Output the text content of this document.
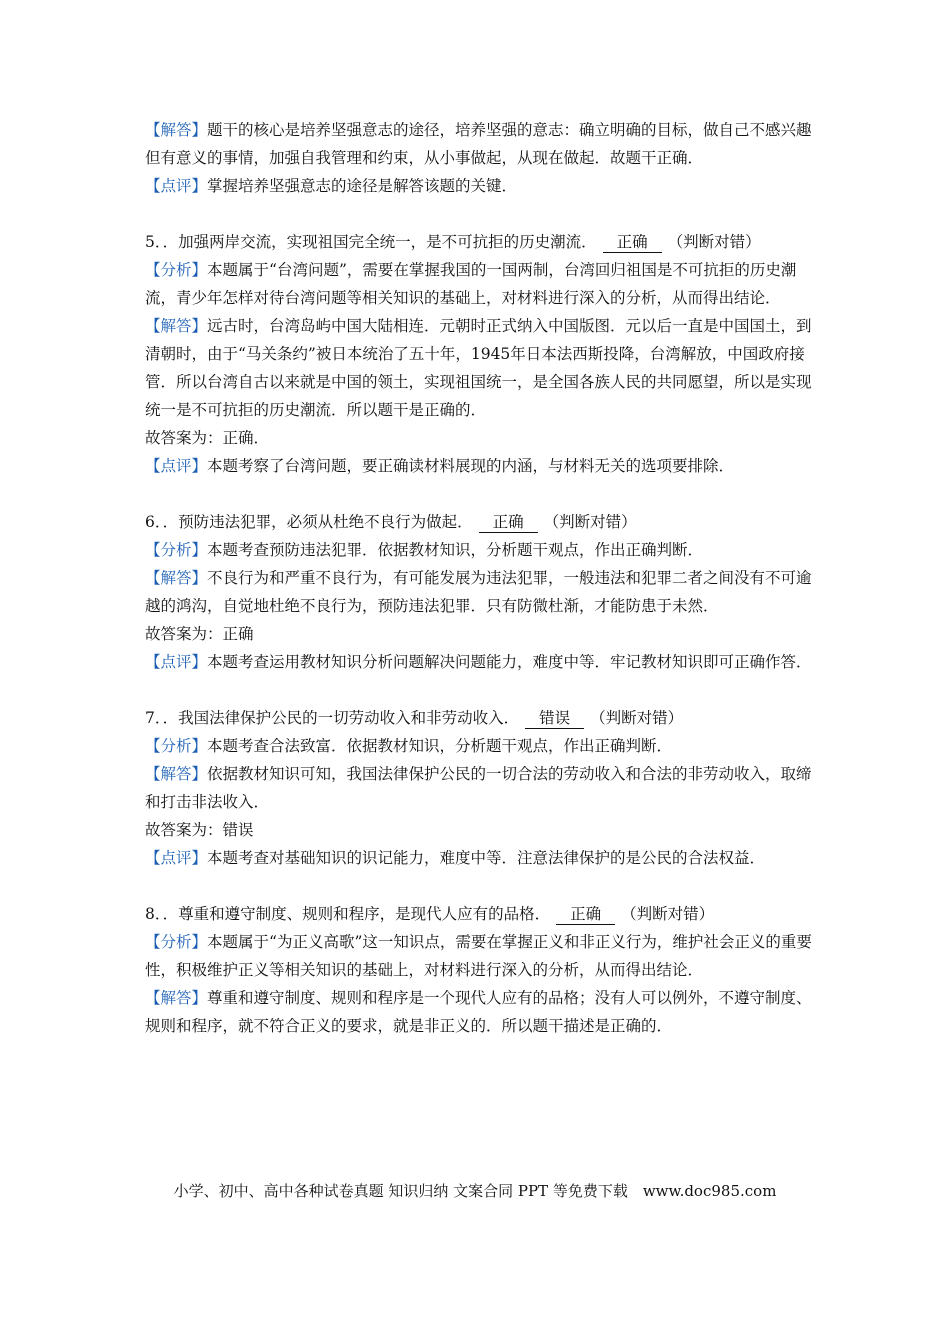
【解答】题干的核心是培养坚强意志的途径，培养坚强的意志：确立明确的目标，做自己不感兴趣但有意义的事情，加强自我管理和约束，从小事做起，从现在做起．故题干正确．

【点评】掌握培养坚强意志的途径是解答该题的关键．

5．．加强两岸交流，实现祖国完全统一，是不可抗拒的历史潮流． 正确 （判断对错）

【分析】本题属于“台湾问题”，需要在掌握我国的一国两制，台湾回归祖国是不可抗拒的历史潮流，青少年怎样对待台湾问题等相关知识的基础上，对材料进行深入的分析，从而得出结论．

【解答】远古时，台湾岛屿中国大陆相连．元朝时正式纳入中国版图．元以后一直是中国国土，到清朝时，由于“马关条约”被日本统治了五十年，1945年日本法西斯投降，台湾解放，中国政府接管．所以台湾自古以来就是中国的领土，实现祖国统一，是全国各族人民的共同愿望，所以是实现统一是不可抗拒的历史潮流．所以题干是正确的．

故答案为：正确．

【点评】本题考察了台湾问题，要正确读材料展现的内涵，与材料无关的选项要排除．

6．．预防违法犯罪，必须从杜绝不良行为做起． 正确 （判断对错）

【分析】本题考查预防违法犯罪．依据教材知识，分析题干观点，作出正确判断．

【解答】不良行为和严重不良行为，有可能发展为违法犯罪，一般违法和犯罪二者之间没有不可逾越的鸿沟，自觉地杜绝不良行为，预防违法犯罪．只有防微杜渐，才能防患于未然．

故答案为：正确

【点评】本题考查运用教材知识分析问题解决问题能力，难度中等．牢记教材知识即可正确作答．

7．．我国法律保护公民的一切劳动收入和非劳动收入． 错误 （判断对错）

【分析】本题考查合法致富．依据教材知识，分析题干观点，作出正确判断．

【解答】依据教材知识可知，我国法律保护公民的一切合法的劳动收入和合法的非劳动收入，取缔和打击非法收入．

故答案为：错误

【点评】本题考查对基础知识的识记能力，难度中等．注意法律保护的是公民的合法权益．

8．．尊重和遵守制度、规则和程序，是现代人应有的品格． 正确 （判断对错）

【分析】本题属于“为正义高歌”这一知识点，需要在掌握正义和非正义行为，维护社会正义的重要性，积极维护正义等相关知识的基础上，对材料进行深入的分析，从而得出结论．

【解答】尊重和遵守制度、规则和程序是一个现代人应有的品格；没有人可以例外，不遵守制度、规则和程序，就不符合正义的要求，就是非正义的．所以题干描述是正确的．

小学、初中、高中各种试卷真题 知识归纳 文案合同 PPT 等免费下载　www.doc985.com
